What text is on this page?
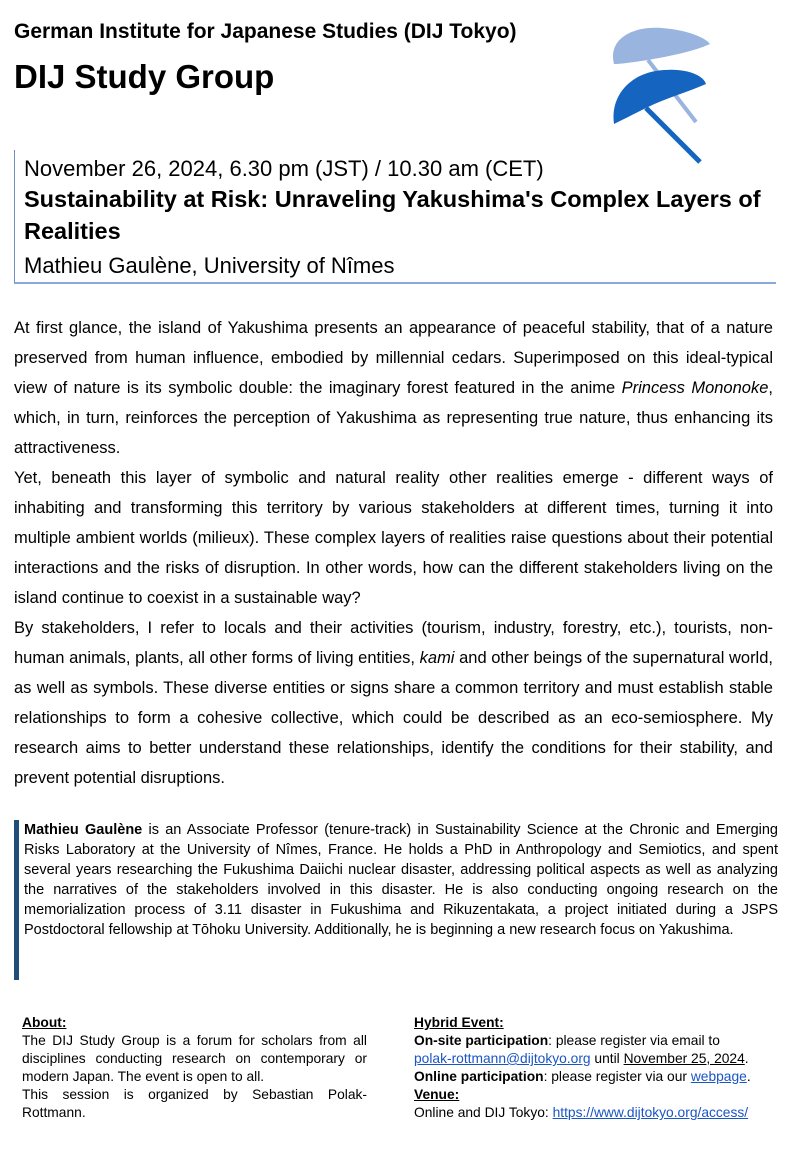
German Institute for Japanese Studies (DIJ Tokyo)
DIJ Study Group
November 26, 2024, 6.30 pm (JST) / 10.30 am (CET)
Sustainability at Risk: Unraveling Yakushima's Complex Layers of Realities
Mathieu Gaulène, University of Nîmes

At first glance, the island of Yakushima presents an appearance of peaceful stability, that of a nature preserved from human influence, embodied by millennial cedars. Superimposed on this ideal-typical view of nature is its symbolic double: the imaginary forest featured in the anime Princess Mononoke, which, in turn, reinforces the perception of Yakushima as representing true nature, thus enhancing its attractiveness.

Yet, beneath this layer of symbolic and natural reality other realities emerge - different ways of inhabiting and transforming this territory by various stakeholders at different times, turning it into multiple ambient worlds (milieux). These complex layers of realities raise questions about their potential interactions and the risks of disruption. In other words, how can the different stakeholders living on the island continue to coexist in a sustainable way?

By stakeholders, I refer to locals and their activities (tourism, industry, forestry, etc.), tourists, non-human animals, plants, all other forms of living entities, kami and other beings of the supernatural world, as well as symbols. These diverse entities or signs share a common territory and must establish stable relationships to form a cohesive collective, which could be described as an eco-semiosphere. My research aims to better understand these relationships, identify the conditions for their stability, and prevent potential disruptions.

Mathieu Gaulène is an Associate Professor (tenure-track) in Sustainability Science at the Chronic and Emerging Risks Laboratory at the University of Nîmes, France. He holds a PhD in Anthropology and Semiotics, and spent several years researching the Fukushima Daiichi nuclear disaster, addressing political aspects as well as analyzing the narratives of the stakeholders involved in this disaster. He is also conducting ongoing research on the memorialization process of 3.11 disaster in Fukushima and Rikuzentakata, a project initiated during a JSPS Postdoctoral fellowship at Tōhoku University. Additionally, he is beginning a new research focus on Yakushima.

About:
The DIJ Study Group is a forum for scholars from all disciplines conducting research on contemporary or modern Japan. The event is open to all.
This session is organized by Sebastian Polak-Rottmann.
Hybrid Event:
On-site participation: please register via email to
polak-rottmann@dijtokyo.org until November 25, 2024.
Online participation: please register via our webpage.
Venue:
Online and DIJ Tokyo: https://www.dijtokyo.org/access/
